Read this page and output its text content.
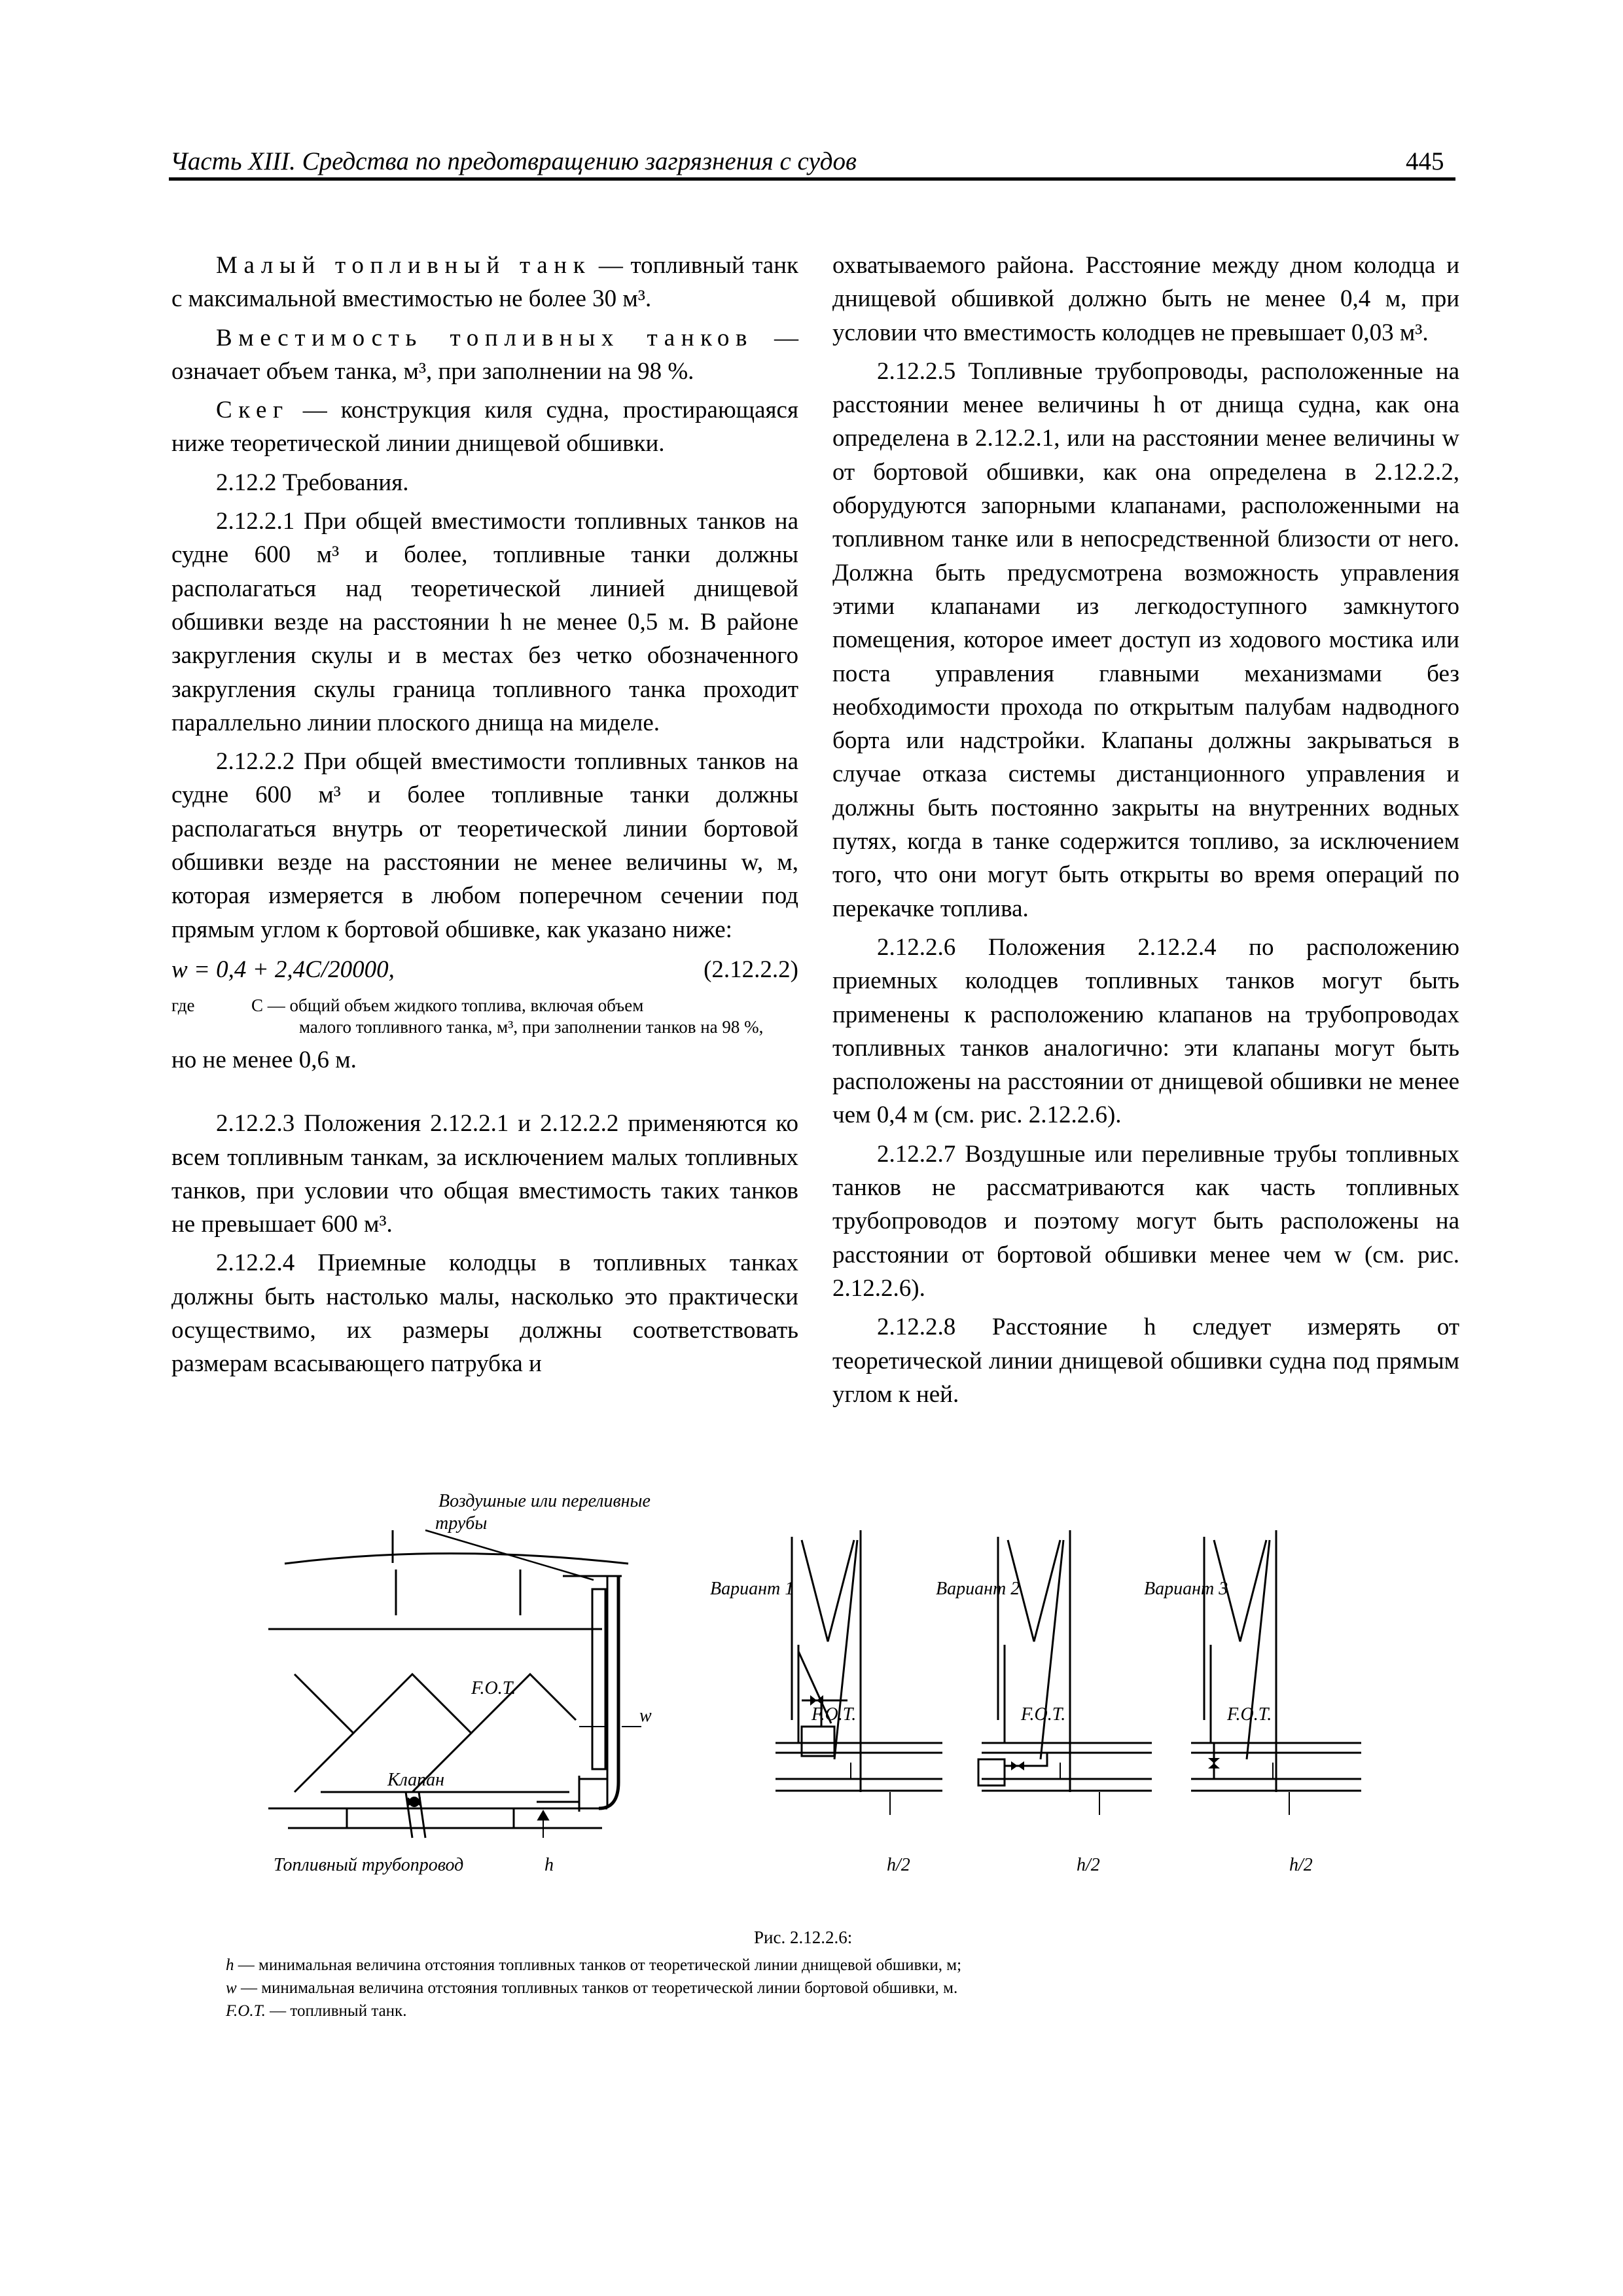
Часть XIII. Средства по предотвращению загрязнения с судов	445

Малый топливный танк — топливный танк с максимальной вместимостью не более 30 м³.

Вместимость топливных танков — означает объем танка, м³, при заполнении на 98 %.

Скег — конструкция киля судна, простирающаяся ниже теоретической линии днищевой обшивки.

2.12.2 Требования.

2.12.2.1 При общей вместимости топливных танков на судне 600 м³ и более, топливные танки должны располагаться над теоретической линией днищевой обшивки везде на расстоянии h не менее 0,5 м. В районе закругления скулы и в местах без четко обозначенного закругления скулы граница топливного танка проходит параллельно линии плоского днища на миделе.

2.12.2.2 При общей вместимости топливных танков на судне 600 м³ и более топливные танки должны располагаться внутрь от теоретической линии бортовой обшивки везде на расстоянии не менее величины w, м, которая измеряется в любом поперечном сечении под прямым углом к бортовой обшивке, как указано ниже:

w = 0,4 + 2,4C/20000,	(2.12.2.2)
где	C — общий объем жидкого топлива, включая объем
малого топливного танка, м³, при заполнении танков на 98 %,

но не менее 0,6 м.

2.12.2.3 Положения 2.12.2.1 и 2.12.2.2 применяются ко всем топливным танкам, за исключением малых топливных танков, при условии что общая вместимость таких танков не превышает 600 м³.

2.12.2.4 Приемные колодцы в топливных танках должны быть настолько малы, насколько это практически осуществимо, их размеры должны соответствовать размерам всасывающего патрубка и

охватываемого района. Расстояние между дном колодца и днищевой обшивкой должно быть не менее 0,4 м, при условии что вместимость колодцев не превышает 0,03 м³.

2.12.2.5 Топливные трубопроводы, расположенные на расстоянии менее величины h от днища судна, как она определена в 2.12.2.1, или на расстоянии менее величины w от бортовой обшивки, как она определена в 2.12.2.2, оборудуются запорными клапанами, расположенными на топливном танке или в непосредственной близости от него. Должна быть предусмотрена возможность управления этими клапанами из легкодоступного замкнутого помещения, которое имеет доступ из ходового мостика или поста управления главными механизмами без необходимости прохода по открытым палубам надводного борта или надстройки. Клапаны должны закрываться в случае отказа системы дистанционного управления и должны быть постоянно закрыты на внутренних водных путях, когда в танке содержится топливо, за исключением того, что они могут быть открыты во время операций по перекачке топлива.

2.12.2.6 Положения 2.12.2.4 по расположению приемных колодцев топливных танков могут быть применены к расположению клапанов на трубопроводах топливных танков аналогично: эти клапаны могут быть расположены на расстоянии от днищевой обшивки не менее чем 0,4 м (см. рис. 2.12.2.6).

2.12.2.7 Воздушные или переливные трубы топливных танков не рассматриваются как часть топливных трубопроводов и поэтому могут быть расположены на расстоянии от бортовой обшивки менее чем w (см. рис. 2.12.2.6).

2.12.2.8 Расстояние h следует измерять от теоретической линии днищевой обшивки судна под прямым углом к ней.

Воздушные или переливные
трубы
F.O.T.
w
Клапан
Топливный трубопровод	h
Вариант 1	Вариант 2	Вариант 3
F.O.T.	F.O.T.	F.O.T.
h/2	h/2	h/2
Рис. 2.12.2.6:
h — минимальная величина отстояния топливных танков от теоретической линии днищевой обшивки, м;
w — минимальная величина отстояния топливных танков от теоретической линии бортовой обшивки, м.
F.O.T. — топливный танк.
